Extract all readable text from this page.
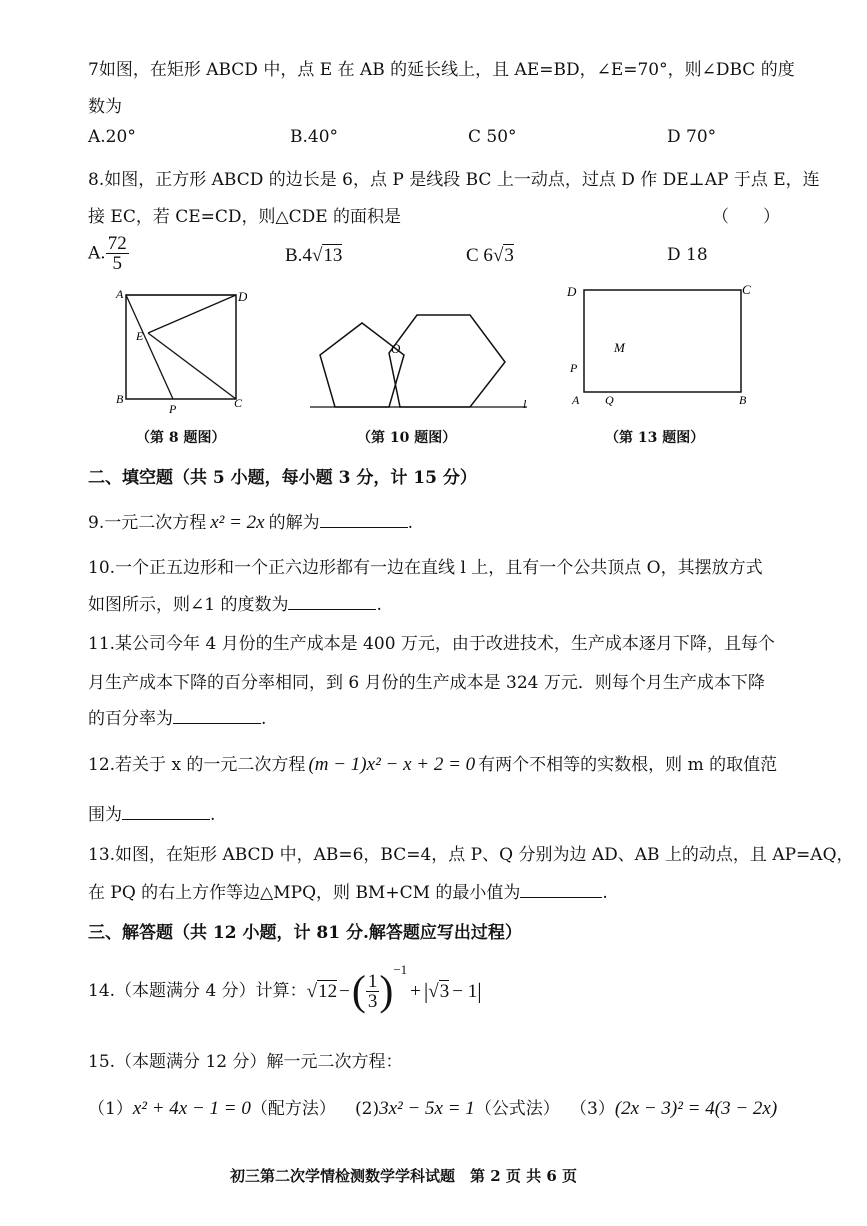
7如图，在矩形 ABCD 中，点 E 在 AB 的延长线上，且 AE=BD，∠E=70°，则∠DBC 的度
数为
A.20°	B.40°	C 50°	D 70°
8.如图，正方形 ABCD 的边长是 6，点 P 是线段 BC 上一动点，过点 D 作 DE⊥AP 于点 E，连
接 EC，若 CE=CD，则△CDE 的面积是	（　　）
A. $\frac{72}{5}$	B.4√13	C 6√3	D 18
A	D
E
B
P	C
（第 8 题图）
O
l
（第 10 题图）
D	C
M
P
A Q	B
（第 13 题图）
二、填空题（共 5 小题，每小题 3 分，计 15 分）
9.一元二次方程 x² = 2x 的解为	.
10.一个正五边形和一个正六边形都有一边在直线 l 上，且有一个公共顶点 O，其摆放方式
如图所示，则∠1 的度数为	.
11.某公司今年 4 月份的生产成本是 400 万元，由于改进技术，生产成本逐月下降，且每个
月生产成本下降的百分率相同，到 6 月份的生产成本是 324 万元．则每个月生产成本下降
的百分率为	.
12.若关于 x 的一元二次方程 (m − 1)x² − x + 2 = 0 有两个不相等的实数根，则 m 的取值范
围为	.
13.如图，在矩形 ABCD 中，AB=6，BC=4，点 P、Q 分别为边 AD、AB 上的动点，且 AP=AQ，
在 PQ 的右上方作等边△MPQ，则 BM+CM 的最小值为	.
三、解答题（共 12 小题，计 81 分.解答题应写出过程）
14.（本题满分 4 分）计算：√12 −( $\frac{1}{3} )^{-1}+ |√3 - 1|$
15.（本题满分 12 分）解一元二次方程：
（1）x² + 4x − 1 = 0（配方法） (2)3x² − 5x = 1（公式法） （3）(2x − 3)² = 4(3 − 2x)
初三第二次学情检测数学学科试题　第 2 页 共 6 页
